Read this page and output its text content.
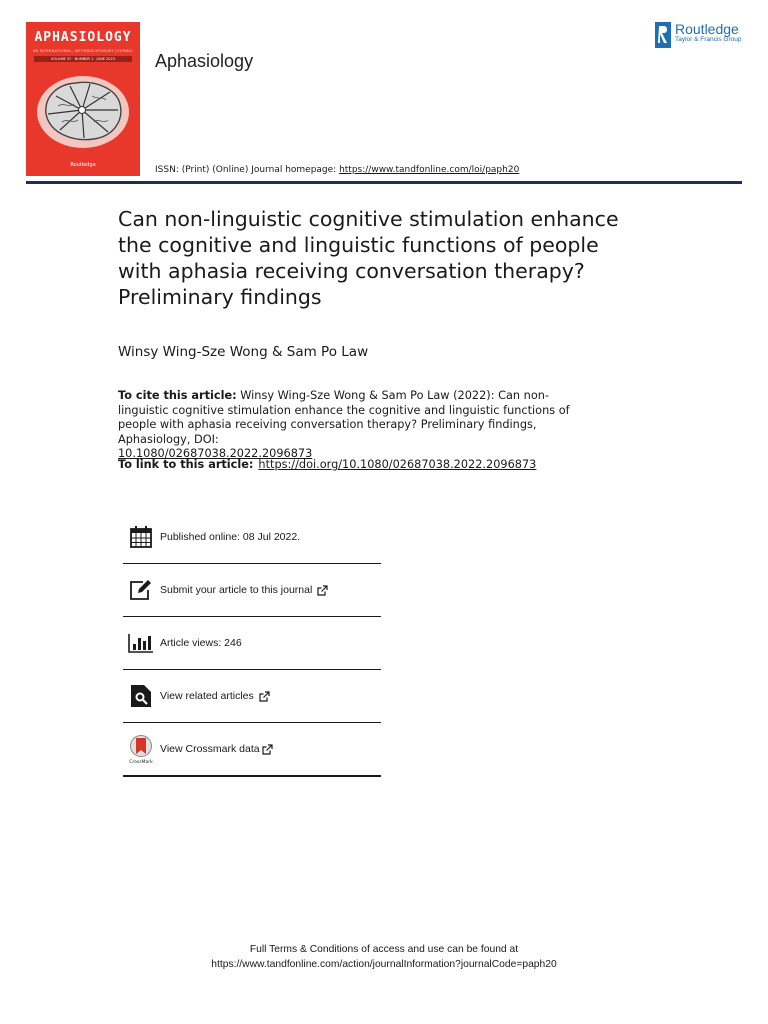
APHASIOLOGY
AN INTERNATIONAL, INTERDISCIPLINARY JOURNAL
VOLUME 37 · NUMBER 1 · JUNE 2023
Routledge
Aphasiology
Routledge
Taylor & Francis Group
ISSN: (Print) (Online) Journal homepage: https://www.tandfonline.com/loi/paph20
Can non-linguistic cognitive stimulation enhance
the cognitive and linguistic functions of people
with aphasia receiving conversation therapy?
Preliminary findings
Winsy Wing-Sze Wong & Sam Po Law
To cite this article: Winsy Wing-Sze Wong & Sam Po Law (2022): Can non-linguistic cognitive stimulation enhance the cognitive and linguistic functions of people with aphasia receiving conversation therapy? Preliminary findings, Aphasiology, DOI:
10.1080/02687038.2022.2096873
To link to this article: https://doi.org/10.1080/02687038.2022.2096873
Published online: 08 Jul 2022.
Submit your article to this journal
Article views: 246
View related articles
CrossMark
View Crossmark data
Full Terms & Conditions of access and use can be found at
https://www.tandfonline.com/action/journalInformation?journalCode=paph20
